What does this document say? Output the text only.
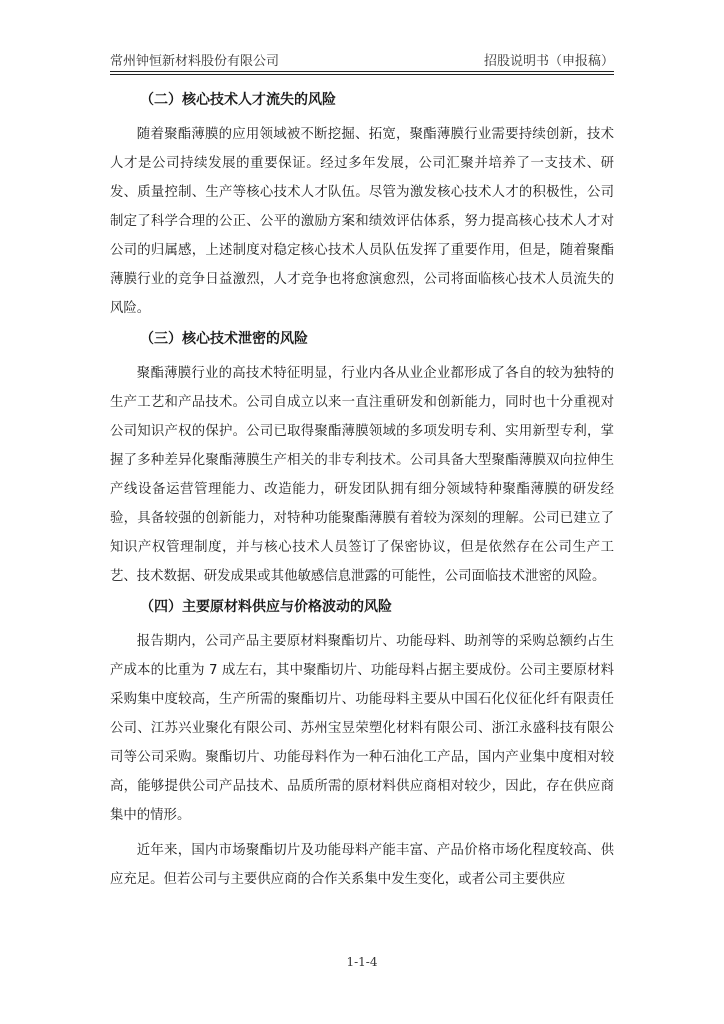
常州钟恒新材料股份有限公司	招股说明书（申报稿）
（二）核心技术人才流失的风险

随着聚酯薄膜的应用领域被不断挖掘、拓宽，聚酯薄膜行业需要持续创新，技术人才是公司持续发展的重要保证。经过多年发展，公司汇聚并培养了一支技术、研发、质量控制、生产等核心技术人才队伍。尽管为激发核心技术人才的积极性，公司制定了科学合理的公正、公平的激励方案和绩效评估体系，努力提高核心技术人才对公司的归属感，上述制度对稳定核心技术人员队伍发挥了重要作用，但是，随着聚酯薄膜行业的竞争日益激烈，人才竞争也将愈演愈烈，公司将面临核心技术人员流失的风险。

（三）核心技术泄密的风险

聚酯薄膜行业的高技术特征明显，行业内各从业企业都形成了各自的较为独特的生产工艺和产品技术。公司自成立以来一直注重研发和创新能力，同时也十分重视对公司知识产权的保护。公司已取得聚酯薄膜领域的多项发明专利、实用新型专利，掌握了多种差异化聚酯薄膜生产相关的非专利技术。公司具备大型聚酯薄膜双向拉伸生产线设备运营管理能力、改造能力，研发团队拥有细分领域特种聚酯薄膜的研发经验，具备较强的创新能力，对特种功能聚酯薄膜有着较为深刻的理解。公司已建立了知识产权管理制度，并与核心技术人员签订了保密协议，但是依然存在公司生产工艺、技术数据、研发成果或其他敏感信息泄露的可能性，公司面临技术泄密的风险。

（四）主要原材料供应与价格波动的风险

报告期内，公司产品主要原材料聚酯切片、功能母料、助剂等的采购总额约占生产成本的比重为 7 成左右，其中聚酯切片、功能母料占据主要成份。公司主要原材料采购集中度较高，生产所需的聚酯切片、功能母料主要从中国石化仪征化纤有限责任公司、江苏兴业聚化有限公司、苏州宝昱荣塑化材料有限公司、浙江永盛科技有限公司等公司采购。聚酯切片、功能母料作为一种石油化工产品，国内产业集中度相对较高，能够提供公司产品技术、品质所需的原材料供应商相对较少，因此，存在供应商集中的情形。

近年来，国内市场聚酯切片及功能母料产能丰富、产品价格市场化程度较高、供应充足。但若公司与主要供应商的合作关系集中发生变化，或者公司主要供应

1-1-4
